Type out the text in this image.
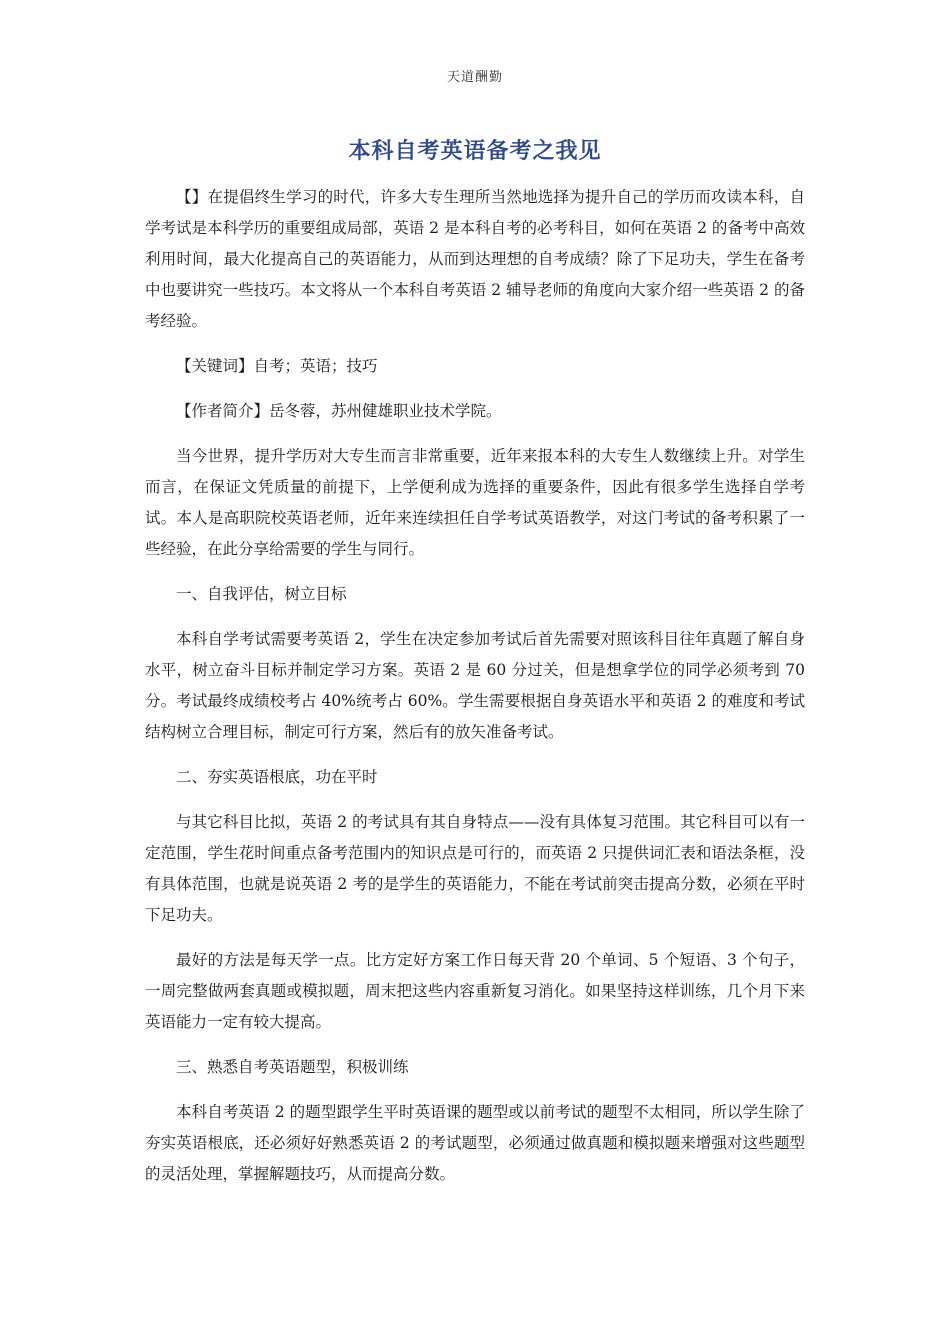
天道酬勤
本科自考英语备考之我见

【】在提倡终生学习的时代，许多大专生理所当然地选择为提升自己的学历而攻读本科，自学考试是本科学历的重要组成局部，英语 2 是本科自考的必考科目，如何在英语 2 的备考中高效利用时间，最大化提高自己的英语能力，从而到达理想的自考成绩？除了下足功夫，学生在备考中也要讲究一些技巧。本文将从一个本科自考英语 2 辅导老师的角度向大家介绍一些英语 2 的备考经验。

【关键词】自考；英语；技巧

【作者简介】岳冬蓉，苏州健雄职业技术学院。

当今世界，提升学历对大专生而言非常重要，近年来报本科的大专生人数继续上升。对学生而言，在保证文凭质量的前提下，上学便利成为选择的重要条件，因此有很多学生选择自学考试。本人是高职院校英语老师，近年来连续担任自学考试英语教学，对这门考试的备考积累了一些经验，在此分享给需要的学生与同行。

一、自我评估，树立目标

本科自学考试需要考英语 2，学生在决定参加考试后首先需要对照该科目往年真题了解自身水平，树立奋斗目标并制定学习方案。英语 2 是 60 分过关，但是想拿学位的同学必须考到 70 分。考试最终成绩校考占 40%统考占 60%。学生需要根据自身英语水平和英语 2 的难度和考试结构树立合理目标，制定可行方案，然后有的放矢准备考试。

二、夯实英语根底，功在平时

与其它科目比拟，英语 2 的考试具有其自身特点——没有具体复习范围。其它科目可以有一定范围，学生花时间重点备考范围内的知识点是可行的，而英语 2 只提供词汇表和语法条框，没有具体范围，也就是说英语 2 考的是学生的英语能力，不能在考试前突击提高分数，必须在平时下足功夫。

最好的方法是每天学一点。比方定好方案工作日每天背 20 个单词、5 个短语、3 个句子，一周完整做两套真题或模拟题，周末把这些内容重新复习消化。如果坚持这样训练，几个月下来英语能力一定有较大提高。

三、熟悉自考英语题型，积极训练

本科自考英语 2 的题型跟学生平时英语课的题型或以前考试的题型不太相同，所以学生除了夯实英语根底，还必须好好熟悉英语 2 的考试题型，必须通过做真题和模拟题来增强对这些题型的灵活处理，掌握解题技巧，从而提高分数。
